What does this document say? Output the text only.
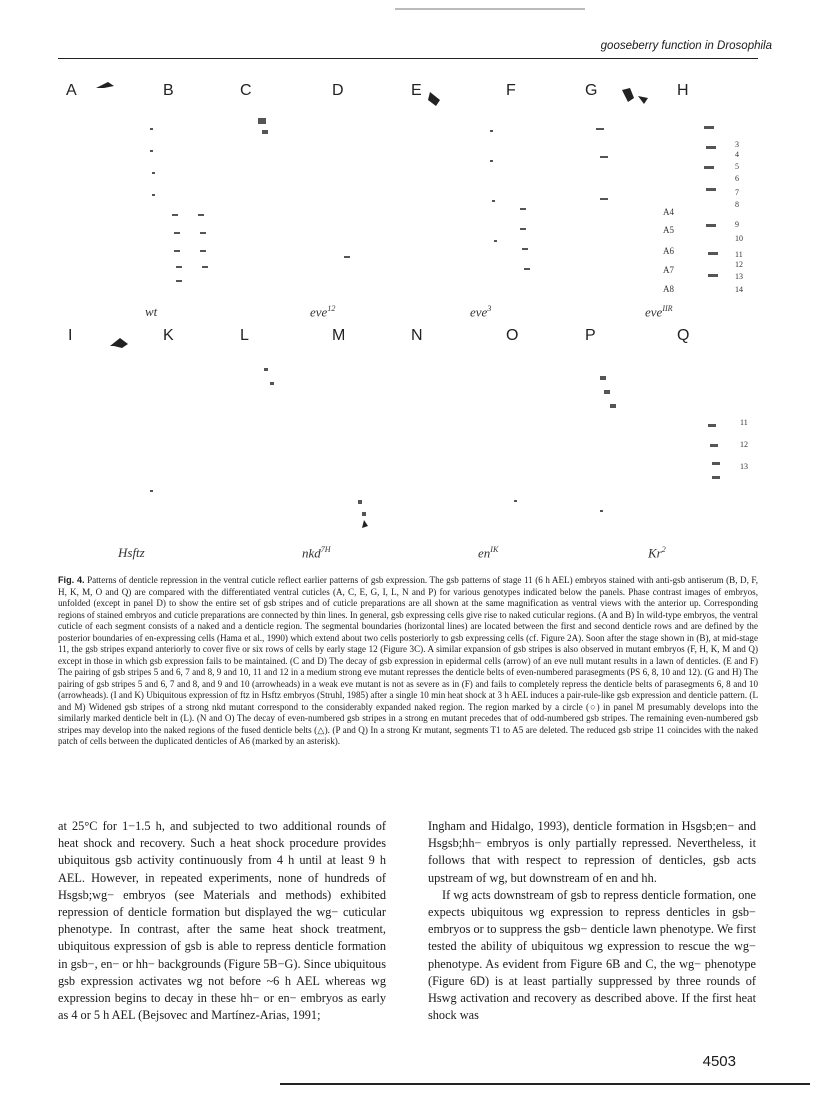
gooseberry function in Drosophila
A	B	C	D	E	F	G	H
I	K	L	M	N	O	P	Q
wt	eve$^{12}$	eve$^3$	eve$^{IIR}$
Hsftz	nkd$^{7H}$	$en^{IK}$	Kr$^2$
A4
A5
A6
A7
A8
3
4
5
6
7
8
9
10
11
12
13
14
11
12
13
Fig. 4. Patterns of denticle repression in the ventral cuticle reflect earlier patterns of gsb expression. The gsb patterns of stage 11 (6 h AEL) embryos stained with anti-gsb antiserum (B, D, F, H, K, M, O and Q) are compared with the differentiated ventral cuticles (A, C, E, G, I, L, N and P) for various genotypes indicated below the panels. Phase contrast images of embryos, unfolded (except in panel D) to show the entire set of gsb stripes and of cuticle preparations are all shown at the same magnification as ventral views with the anterior up. Corresponding regions of stained embryos and cuticle preparations are connected by thin lines. In general, gsb expressing cells give rise to naked cuticular regions. (A and B) In wild-type embryos, the ventral cuticle of each segment consists of a naked and a denticle region. The segmental boundaries (horizontal lines) are located between the first and second denticle rows and are defined by the posterior boundaries of en-expressing cells (Hama et al., 1990) which extend about two cells posteriorly to gsb expressing cells (cf. Figure 2A). Soon after the stage shown in (B), at mid-stage 11, the gsb stripes expand anteriorly to cover five or six rows of cells by early stage 12 (Figure 3C). A similar expansion of gsb stripes is also observed in mutant embryos (F, H, K, M and Q) except in those in which gsb expression fails to be maintained. (C and D) The decay of gsb expression in epidermal cells (arrow) of an eve null mutant results in a lawn of denticles. (E and F) The pairing of gsb stripes 5 and 6, 7 and 8, 9 and 10, 11 and 12 in a medium strong eve mutant represses the denticle belts of even-numbered parasegments (PS 6, 8, 10 and 12). (G and H) The pairing of gsb stripes 5 and 6, 7 and 8, and 9 and 10 (arrowheads) in a weak eve mutant is not as severe as in (F) and fails to completely repress the denticle belts of parasegments 6, 8 and 10 (arrowheads). (I and K) Ubiquitous expression of ftz in Hsftz embryos (Struhl, 1985) after a single 10 min heat shock at 3 h AEL induces a pair-rule-like gsb expression and denticle pattern. (L and M) Widened gsb stripes of a strong nkd mutant correspond to the considerably expanded naked region. The region marked by a circle (○) in panel M presumably develops into the similarly marked denticle belt in (L). (N and O) The decay of even-numbered gsb stripes in a strong en mutant precedes that of odd-numbered gsb stripes. The remaining even-numbered gsb stripes may develop into the naked regions of the fused denticle belts (△). (P and Q) In a strong Kr mutant, segments T1 to A5 are deleted. The reduced gsb stripe 11 coincides with the naked patch of cells between the duplicated denticles of A6 (marked by an asterisk).

at 25°C for 1−1.5 h, and subjected to two additional rounds of heat shock and recovery. Such a heat shock procedure provides ubiquitous gsb activity continuously from 4 h until at least 9 h AEL. However, in repeated experiments, none of hundreds of Hsgsb;wg− embryos (see Materials and methods) exhibited repression of denticle formation but displayed the wg− cuticular phenotype. In contrast, after the same heat shock treatment, ubiquitous expression of gsb is able to repress denticle formation in gsb−, en− or hh− backgrounds (Figure 5B−G). Since ubiquitous gsb expression activates wg not before ~6 h AEL whereas wg expression begins to decay in these hh− or en− embryos as early as 4 or 5 h AEL (Bejsovec and Martínez-Arias, 1991;

Ingham and Hidalgo, 1993), denticle formation in Hsgsb;en− and Hsgsb;hh− embryos is only partially repressed. Nevertheless, it follows that with respect to repression of denticles, gsb acts upstream of wg, but downstream of en and hh.

If wg acts downstream of gsb to repress denticle formation, one expects ubiquitous wg expression to repress denticles in gsb− embryos or to suppress the gsb− denticle lawn phenotype. We first tested the ability of ubiquitous wg expression to rescue the wg− phenotype. As evident from Figure 6B and C, the wg− phenotype (Figure 6D) is at least partially suppressed by three rounds of Hswg activation and recovery as described above. If the first heat shock was

4503
